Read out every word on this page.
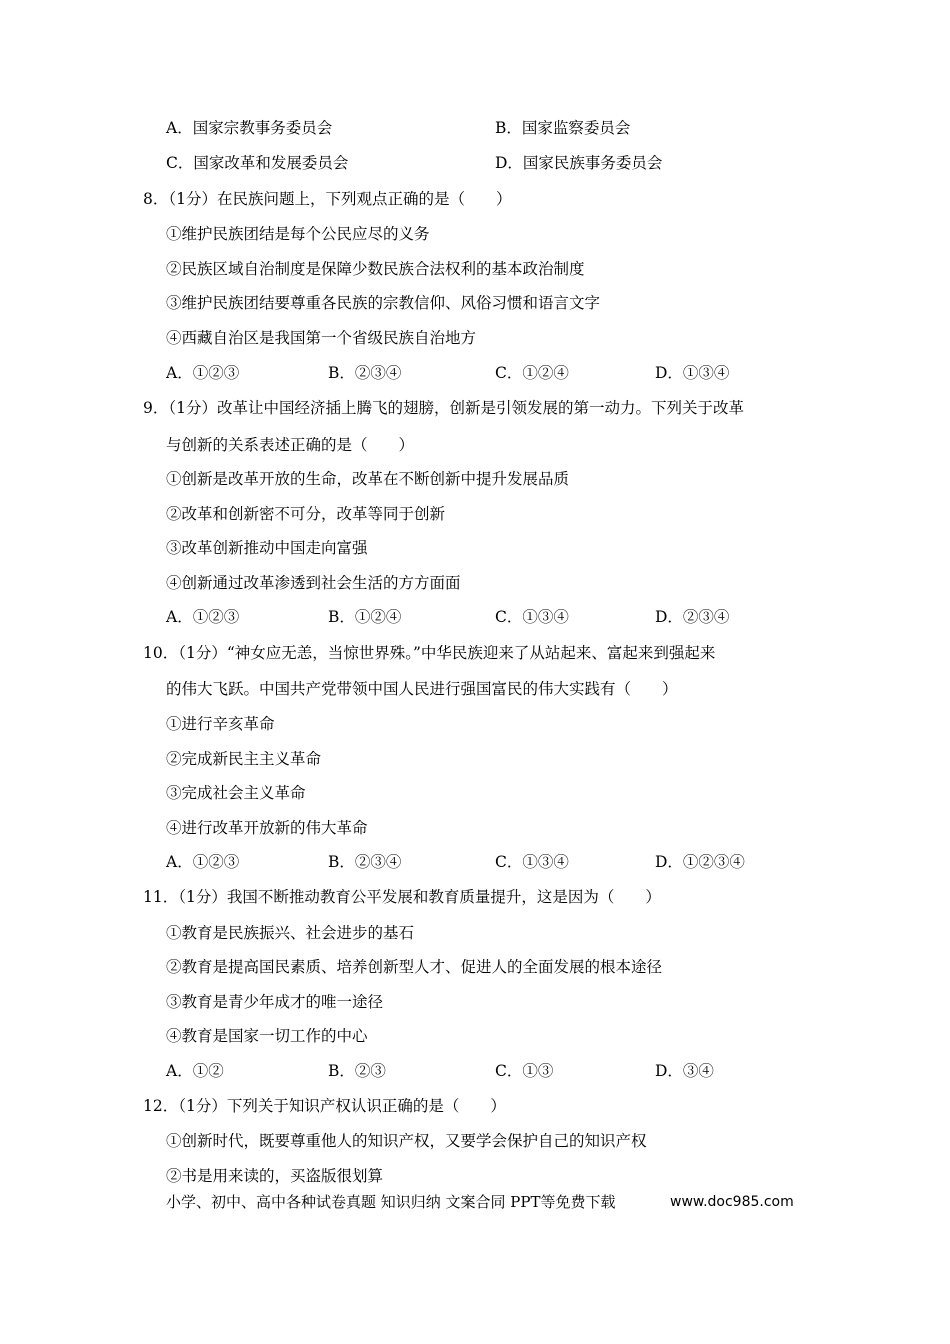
A．国家宗教事务委员会	B．国家监察委员会
C．国家改革和发展委员会	D．国家民族事务委员会
8．（1分）在民族问题上，下列观点正确的是（　　）
①维护民族团结是每个公民应尽的义务
②民族区域自治制度是保障少数民族合法权利的基本政治制度
③维护民族团结要尊重各民族的宗教信仰、风俗习惯和语言文字
④西藏自治区是我国第一个省级民族自治地方
A．①②③	B．②③④	C．①②④	D．①③④
9．（1分）改革让中国经济插上腾飞的翅膀，创新是引领发展的第一动力。下列关于改革
与创新的关系表述正确的是（　　）
①创新是改革开放的生命，改革在不断创新中提升发展品质
②改革和创新密不可分，改革等同于创新
③改革创新推动中国走向富强
④创新通过改革渗透到社会生活的方方面面
A．①②③	B．①②④	C．①③④	D．②③④
10．（1分）“神女应无恙，当惊世界殊。”中华民族迎来了从站起来、富起来到强起来
的伟大飞跃。中国共产党带领中国人民进行强国富民的伟大实践有（　　）
①进行辛亥革命
②完成新民主主义革命
③完成社会主义革命
④进行改革开放新的伟大革命
A．①②③	B．②③④	C．①③④	D．①②③④
11．（1分）我国不断推动教育公平发展和教育质量提升，这是因为（　　）
①教育是民族振兴、社会进步的基石
②教育是提高国民素质、培养创新型人才、促进人的全面发展的根本途径
③教育是青少年成才的唯一途径
④教育是国家一切工作的中心
A．①②	B．②③	C．①③	D．③④
12．（1分）下列关于知识产权认识正确的是（　　）
①创新时代，既要尊重他人的知识产权，又要学会保护自己的知识产权
②书是用来读的，买盗版很划算
小学、初中、高中各种试卷真题 知识归纳 文案合同 PPT等免费下载	www.doc985.com
